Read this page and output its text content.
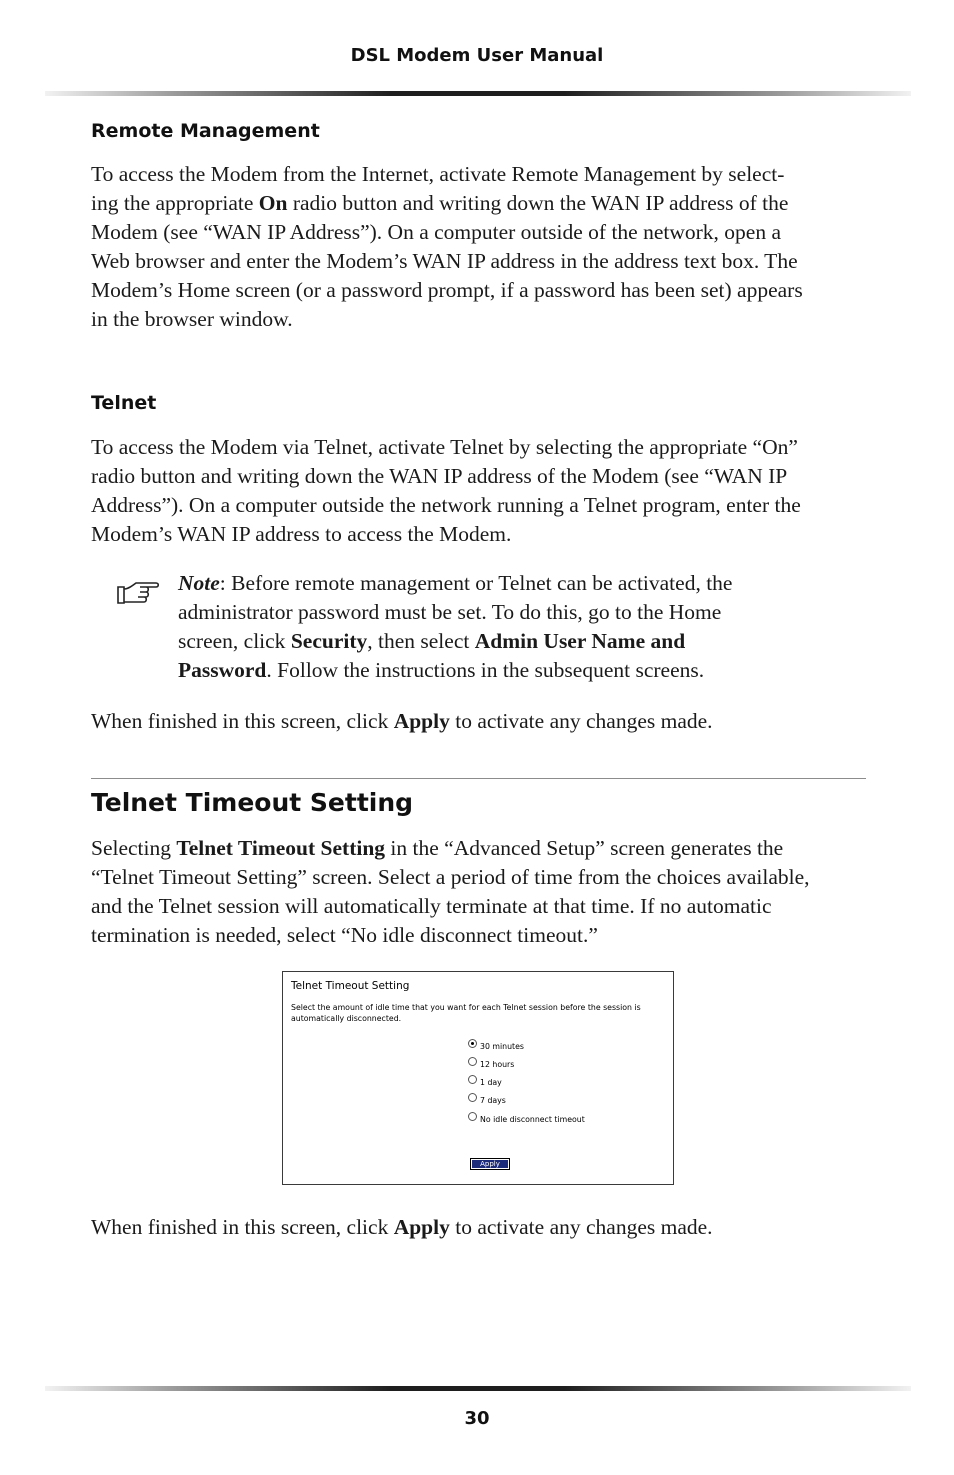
DSL Modem User Manual
Remote Management
To access the Modem from the Internet, activate Remote Management by select-
ing the appropriate On radio button and writing down the WAN IP address of the
Modem (see “WAN IP Address”). On a computer outside of the network, open a
Web browser and enter the Modem’s WAN IP address in the address text box. The
Modem’s Home screen (or a password prompt, if a password has been set) appears
in the browser window.
Telnet
To access the Modem via Telnet, activate Telnet by selecting the appropriate “On”
radio button and writing down the WAN IP address of the Modem (see “WAN IP
Address”). On a computer outside the network running a Telnet program, enter the
Modem’s WAN IP address to access the Modem.
Note: Before remote management or Telnet can be activated, the
administrator password must be set. To do this, go to the Home
screen, click Security, then select Admin User Name and
Password. Follow the instructions in the subsequent screens.
When finished in this screen, click Apply to activate any changes made.
Telnet Timeout Setting
Selecting Telnet Timeout Setting in the “Advanced Setup” screen generates the
“Telnet Timeout Setting” screen. Select a period of time from the choices available,
and the Telnet session will automatically terminate at that time. If no automatic
termination is needed, select “No idle disconnect timeout.”
Telnet Timeout Setting
Select the amount of idle time that you want for each Telnet session before the session is automatically disconnected.
30 minutes
12 hours
1 day
7 days
No idle disconnect timeout
Apply
When finished in this screen, click Apply to activate any changes made.
30
